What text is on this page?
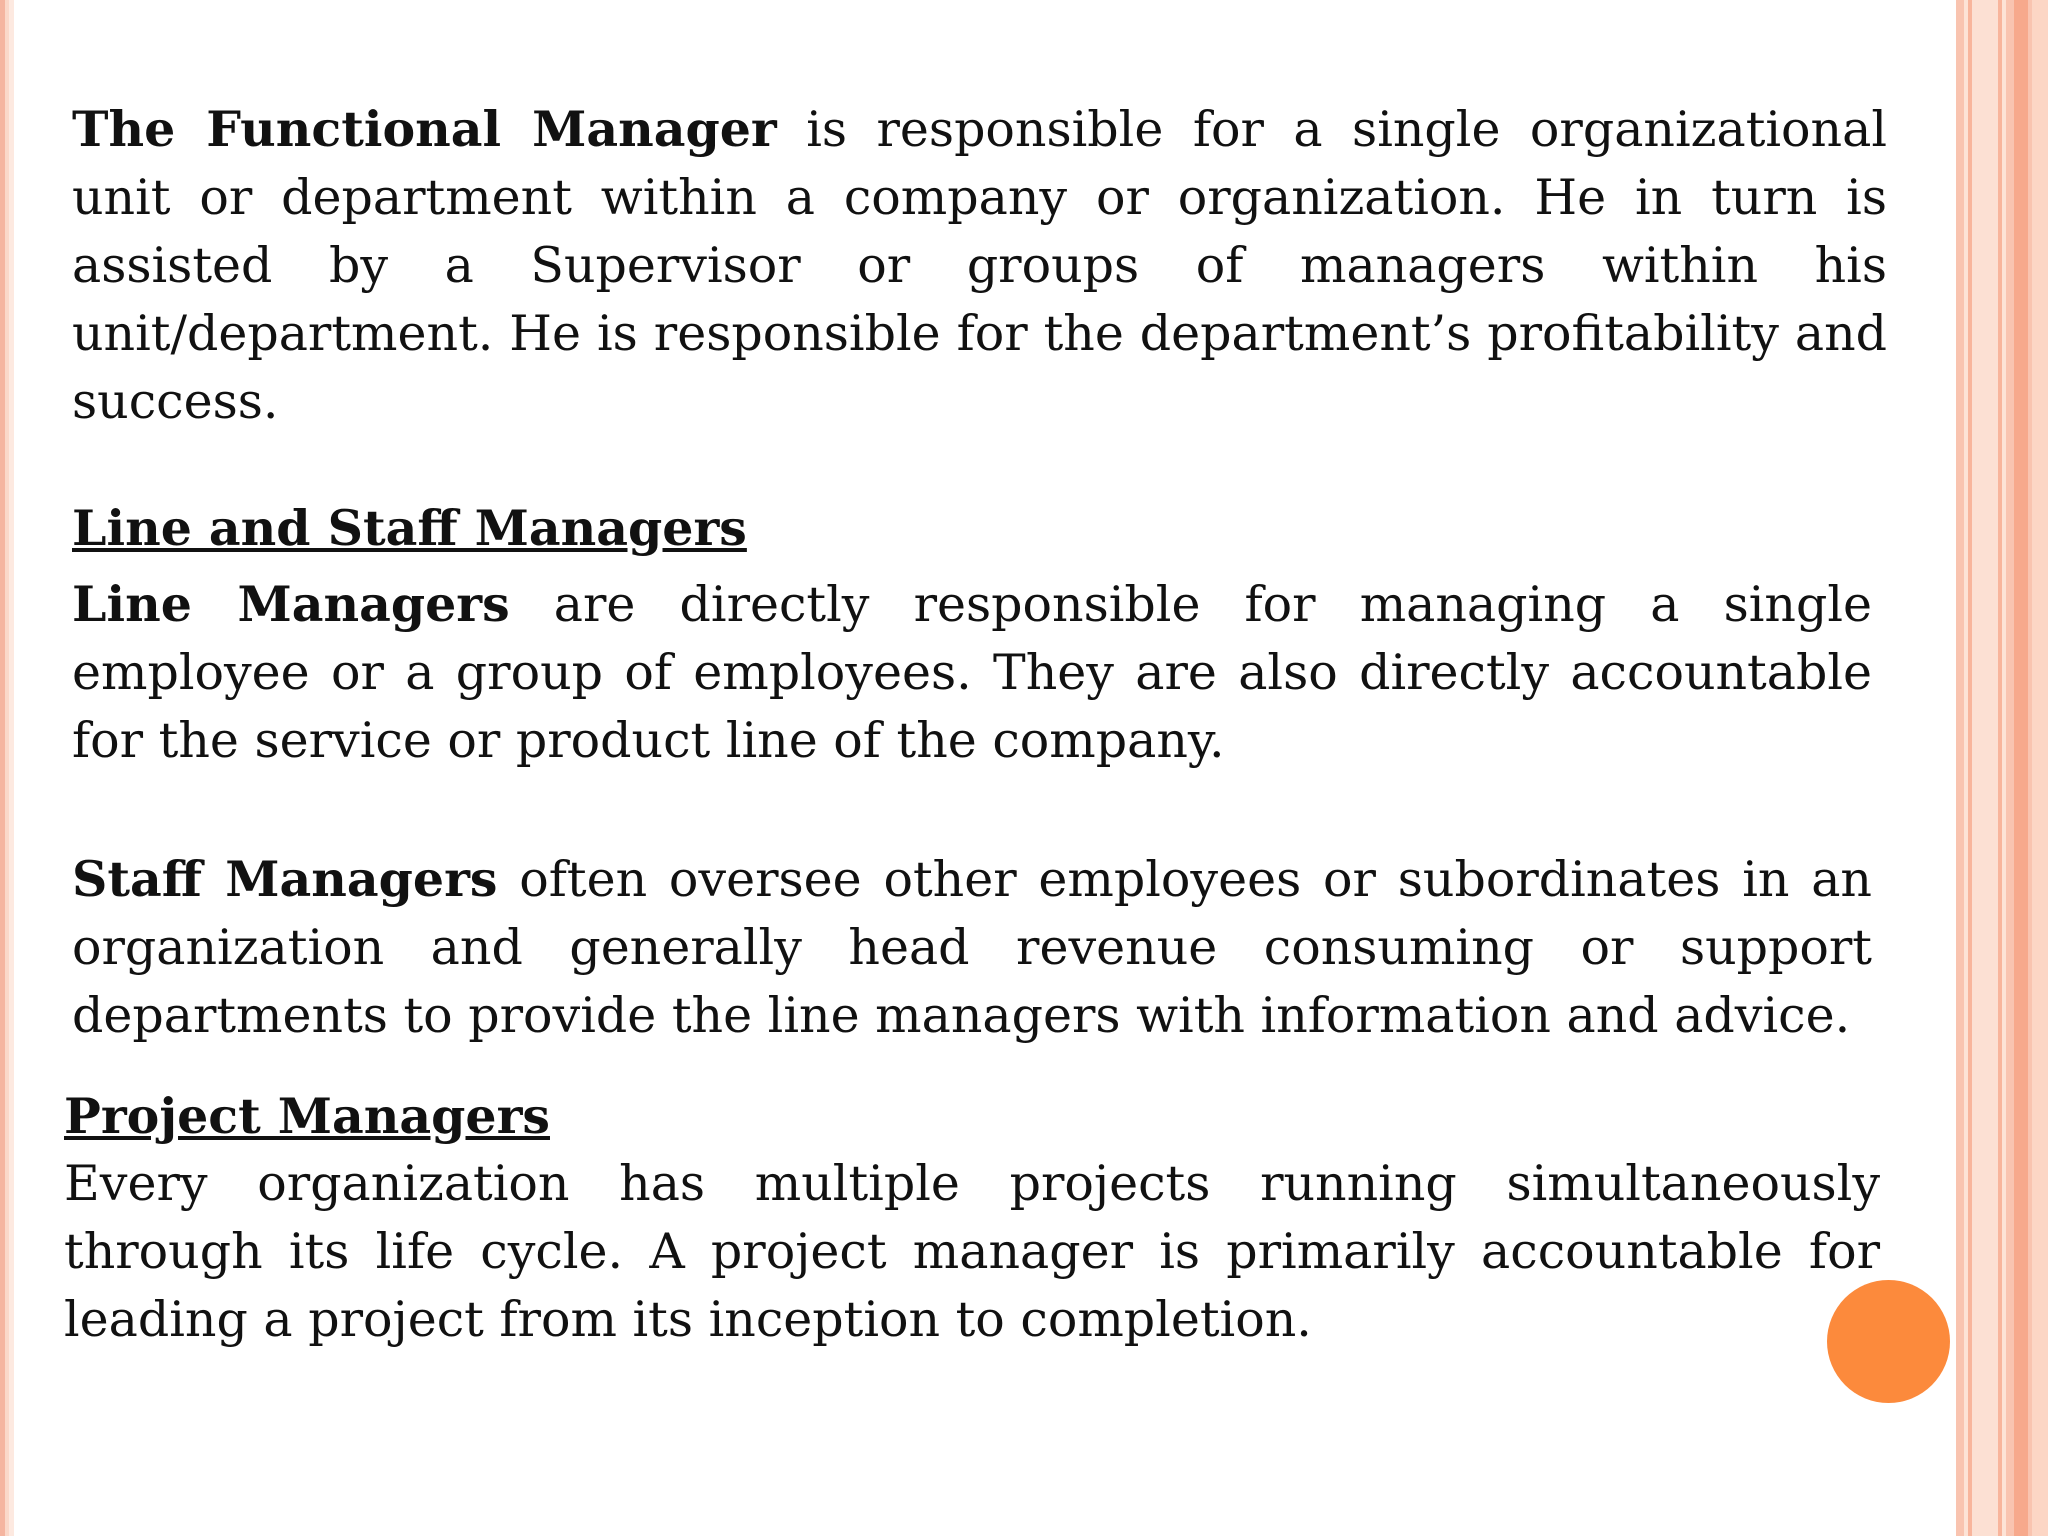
The Functional Manager is responsible for a single organizational unit or department within a company or organization. He in turn is assisted by a Supervisor or groups of managers within his unit/department. He is responsible for the department’s profitability and success.

Line and Staff Managers

Line Managers are directly responsible for managing a single employee or a group of employees. They are also directly accountable for the service or product line of the company.

Staff Managers often oversee other employees or subordinates in an organization and generally head revenue consuming or support departments to provide the line managers with information and advice.

Project Managers

Every organization has multiple projects running simultaneously through its life cycle. A project manager is primarily accountable for leading a project from its inception to completion.
